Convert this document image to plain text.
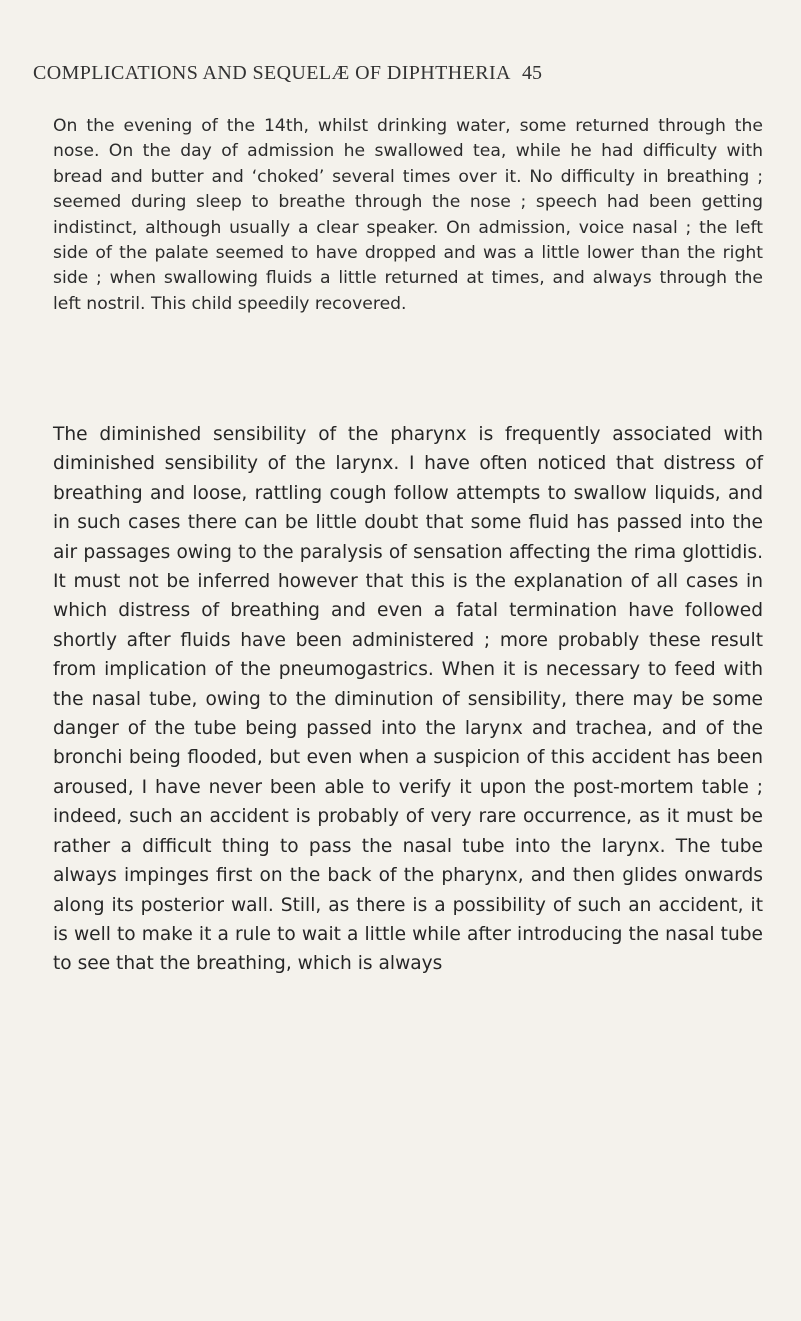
COMPLICATIONS AND SEQUELÆ OF DIPHTHERIA 45

On the evening of the 14th, whilst drinking water, some returned through the nose. On the day of admission he swallowed tea, while he had difficulty with bread and butter and ‘choked’ several times over it. No difficulty in breathing ; seemed during sleep to breathe through the nose ; speech had been getting indistinct, although usually a clear speaker. On admission, voice nasal ; the left side of the palate seemed to have dropped and was a little lower than the right side ; when swallowing fluids a little returned at times, and always through the left nostril. This child speedily recovered.

The diminished sensibility of the pharynx is frequently associated with diminished sensibility of the larynx. I have often noticed that distress of breathing and loose, rattling cough follow attempts to swallow liquids, and in such cases there can be little doubt that some fluid has passed into the air passages owing to the paralysis of sensation affecting the rima glottidis. It must not be inferred however that this is the explanation of all cases in which distress of breathing and even a fatal termination have followed shortly after fluids have been administered ; more probably these result from implication of the pneumogastrics. When it is necessary to feed with the nasal tube, owing to the diminution of sensibility, there may be some danger of the tube being passed into the larynx and trachea, and of the bronchi being flooded, but even when a suspicion of this accident has been aroused, I have never been able to verify it upon the post-mortem table ; indeed, such an accident is probably of very rare occurrence, as it must be rather a difficult thing to pass the nasal tube into the larynx. The tube always impinges first on the back of the pharynx, and then glides onwards along its posterior wall. Still, as there is a possibility of such an accident, it is well to make it a rule to wait a little while after introducing the nasal tube to see that the breathing, which is always
